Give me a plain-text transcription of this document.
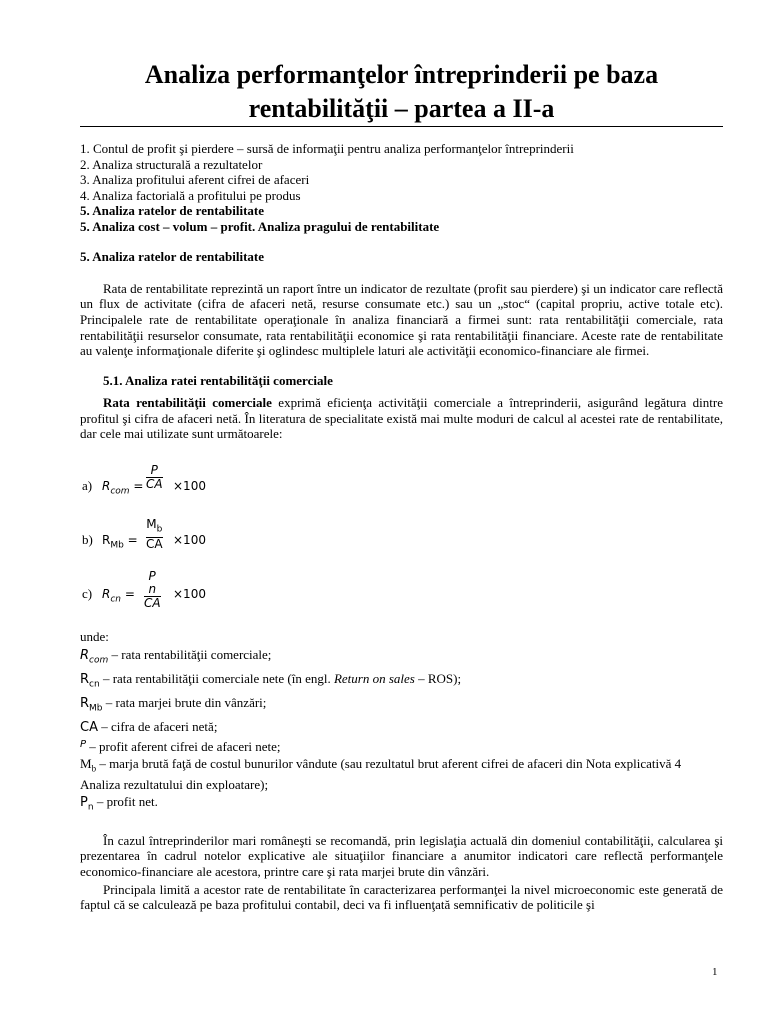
Analiza performanţelor întreprinderii pe baza
rentabilităţii – partea a II-a
1. Contul de profit şi pierdere – sursă de informaţii pentru analiza performanţelor întreprinderii
2. Analiza structurală a rezultatelor
3. Analiza profitului aferent cifrei de afaceri
4. Analiza factorială a profitului pe produs
5. Analiza ratelor de rentabilitate
5. Analiza cost – volum – profit. Analiza pragului de rentabilitate
5. Analiza ratelor de rentabilitate

Rata de rentabilitate reprezintă un raport între un indicator de rezultate (profit sau pierdere) şi un indicator care reflectă un flux de activitate (cifra de afaceri netă, resurse consumate etc.) sau un „stoc“ (capital propriu, active totale etc). Principalele rate de rentabilitate operaţionale în analiza financiară a firmei sunt: rata rentabilităţii comerciale, rata rentabilităţii resurselor consumate, rata rentabilităţii economice şi rata rentabilităţii financiare. Aceste rate de rentabilitate au valenţe informaţionale diferite şi oglindesc multiplele laturi ale activităţii economico-financiare ale firmei.

5.1. Analiza ratei rentabilităţii comerciale

Rata rentabilităţii comerciale exprimă eficienţa activităţii comerciale a întreprinderii, asigurând legătura dintre profitul şi cifra de afaceri netă. În literatura de specialitate există mai multe moduri de calcul al acestei rate de rentabilitate, dar cele mai utilizate sunt următoarele:

a) $R_{com}$ =
P
CA ×100
b) $R_{Mb}$ =
$M_b$
CA ×100
c) $R_{cn}$ =
P
n
CA
×100
unde:
$R_{com}$ – rata rentabilităţii comerciale;
$R_{cn}$ – rata rentabilităţii comerciale nete (în engl. Return on sales – ROS);
$R_{Mb}$ – rata marjei brute din vânzări;
CA – cifra de afaceri netă;
$^P$ – profit aferent cifrei de afaceri nete;
$M_b$ – marja brută faţă de costul bunurilor vândute (sau rezultatul brut aferent cifrei de afaceri din Nota explicativă 4 Analiza rezultatului din exploatare);
$P_n$ – profit net.

În cazul întreprinderilor mari româneşti se recomandă, prin legislaţia actuală din domeniul contabilităţii, calcularea şi prezentarea în cadrul notelor explicative ale situaţiilor financiare a anumitor indicatori care reflectă performanţele economico-financiare ale acestora, printre care şi rata marjei brute din vânzări.

Principala limită a acestor rate de rentabilitate în caracterizarea performanţei la nivel microeconomic este generată de faptul că se calculează pe baza profitului contabil, deci va fi influenţată semnificativ de politicile şi

1
